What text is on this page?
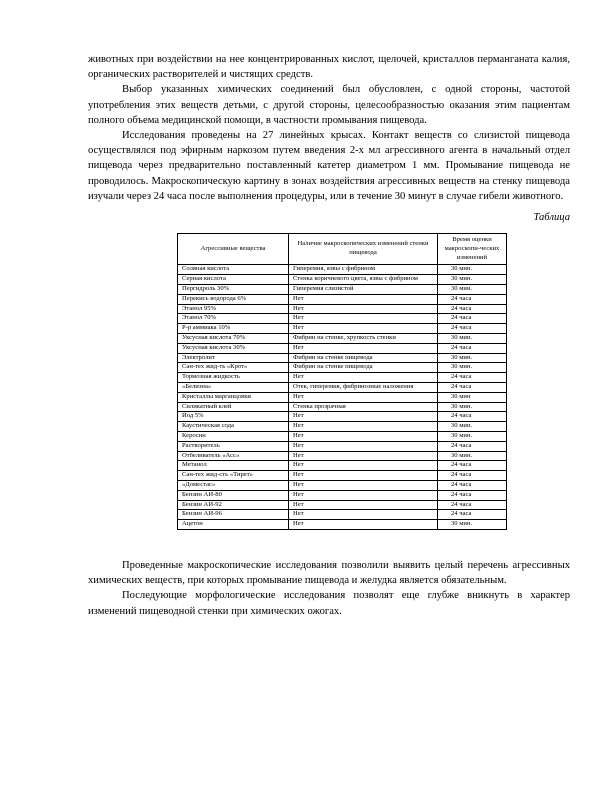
животных при воздействии на нее концентрированных кислот, щелочей, кристаллов перманганата калия, органических растворителей и чистящих средств.

Выбор указанных химических соединений был обусловлен, с одной стороны, частотой употребления этих веществ детьми, с другой стороны, целесообразностью оказания этим пациентам полного объема медицинской помощи, в частности промывания пищевода.

Исследования проведены на 27 линейных крысах. Контакт веществ со слизистой пищевода осуществлялся под эфирным наркозом путем введения 2-х мл агрессивного агента в начальный отдел пищевода через предварительно поставленный катетер диаметром 1 мм. Промывание пищевода не проводилось. Макроскопическую картину в зонах воздействия агрессивных веществ на стенку пищевода изучали через 24 часа после выполнения процедуры, или в течение 30 минут в случае гибели животного.

Таблица

Агрессивные вещества	Наличие макроскопических изменений стенки пищевода	Время оценки макроскопи-ческих изменений
Соляная кислота	Гиперемия, язвы с фибрином	30 мин.
Серная кислота	Стенка коричневого цвета, язвы с фибрином	30 мин.
Пергидроль 30%	Гиперемия слизистой	30 мин.
Перекись водорода 6%	Нет	24 часа
Этанол 95%	Нет	24 часа
Этанол 70%	Нет	24 часа
Р-р аммиака 10%	Нет	24 часа
Уксусная кислота 70%	Фибрин на стенке, хрупкость стенки	30 мин.
Уксусная кислота 30%	Нет	24 часа
Электролит	Фибрин на стенке пищевода	30 мин.
Сан-тех жид-ть «Крот»	Фибрин на стенке пищевода	30 мин.
Тормозная жидкость	Нет	24 часа
«Белизна»	Отек, гиперемия, фибринозные наложения	24 часа
Кристаллы марганцовки	Нет	30 мин
Силикатный клей	Стенка прозрачная	30 мин.
Йод 5%	Нет	24 часа
Каустическая сода	Нет	30 мин.
Керосин	Нет	30 мин.
Растворитель	Нет	24 часа
Отбеливатель «Асс»	Нет	30 мин.
Метанол	Нет	24 часа
Сан-тех жид-сть «Тирет»	Нет	24 часа
«Доместас»	Нет	24 часа
Бензин АИ-80	Нет	24 часа
Бензин АИ-92	Нет	24 часа
Бензин АИ-96	Нет	24 часа
Ацетон	Нет	30 мин.

Проведенные макроскопические исследования позволили выявить целый перечень агрессивных химических веществ, при которых промывание пищевода и желудка является обязательным.

Последующие морфологические исследования позволят еще глубже вникнуть в характер изменений пищеводной стенки при химических ожогах.
